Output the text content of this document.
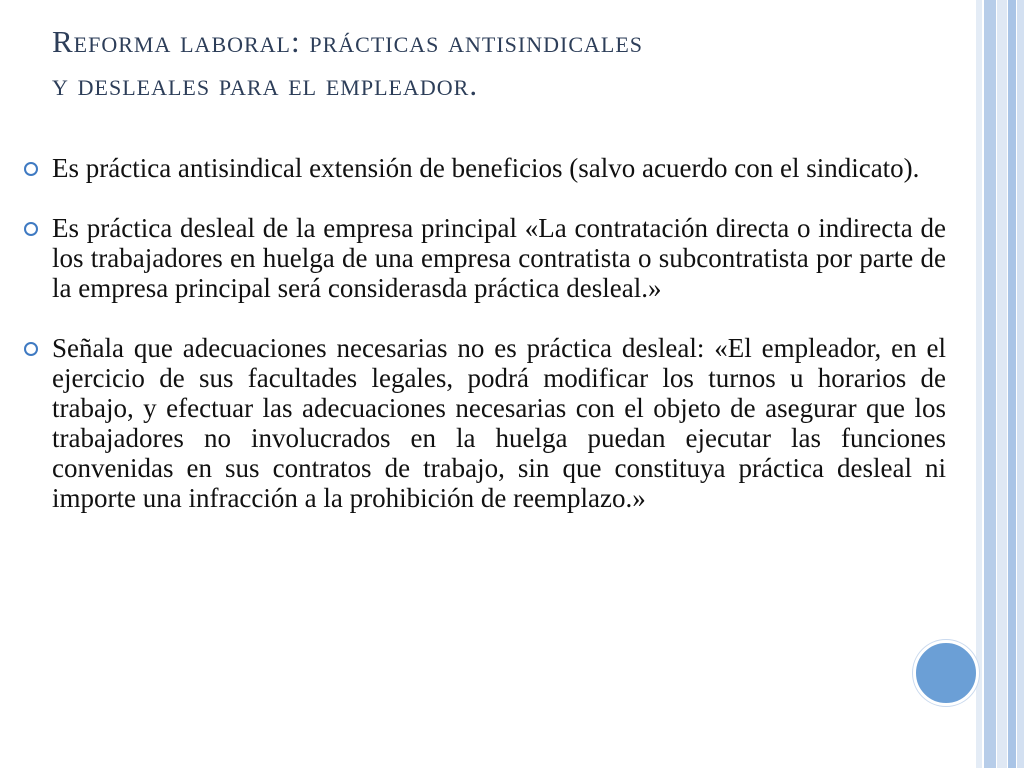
Reforma laboral: prácticas antisindicales
y desleales para el empleador.
Es práctica antisindical extensión de beneficios (salvo acuerdo con el sindicato).
Es práctica desleal de la empresa principal «La contratación directa o indirecta de los trabajadores en huelga de una empresa contratista o subcontratista por parte de la empresa principal será considerasda práctica desleal.»
Señala que adecuaciones necesarias no es práctica desleal: «El empleador, en el ejercicio de sus facultades legales, podrá modificar los turnos u horarios de trabajo, y efectuar las adecuaciones necesarias con el objeto de asegurar que los trabajadores no involucrados en la huelga puedan ejecutar las funciones convenidas en sus contratos de trabajo, sin que constituya práctica desleal ni importe una infracción a la prohibición de reemplazo.»
